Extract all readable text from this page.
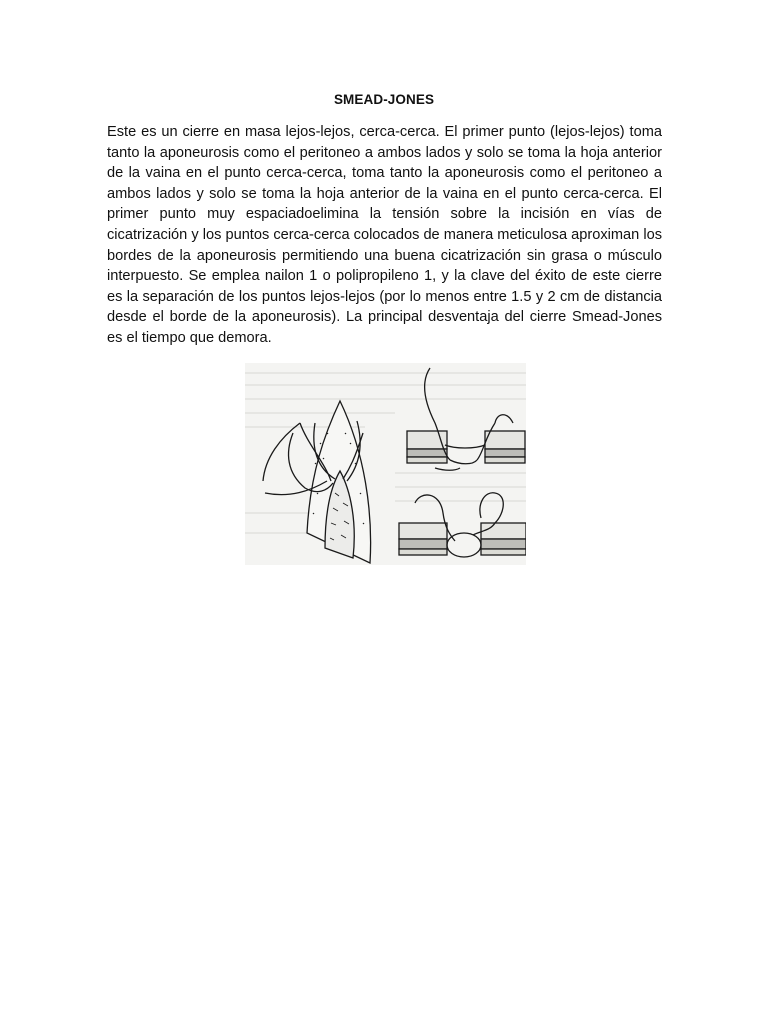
SMEAD-JONES
Este es un cierre en masa lejos-lejos, cerca-cerca. El primer punto (lejos-lejos) toma tanto la aponeurosis como el peritoneo a ambos lados y solo se toma la hoja anterior de la vaina en el punto cerca-cerca, toma tanto la aponeurosis como el peritoneo a ambos lados y solo se toma la hoja anterior de la vaina en el punto cerca-cerca. El primer punto muy espaciadoelimina la tensión sobre la incisión en vías de cicatrización y los puntos cerca-cerca colocados de manera meticulosa aproximan los bordes de la aponeurosis permitiendo una buena cicatrización sin grasa o músculo interpuesto. Se emplea nailon 1 o polipropileno 1, y la clave del éxito de este cierre es la separación de los puntos lejos-lejos (por lo menos entre 1.5 y 2 cm de distancia desde el borde de la aponeurosis). La principal desventaja del cierre Smead-Jones es el tiempo que demora.
